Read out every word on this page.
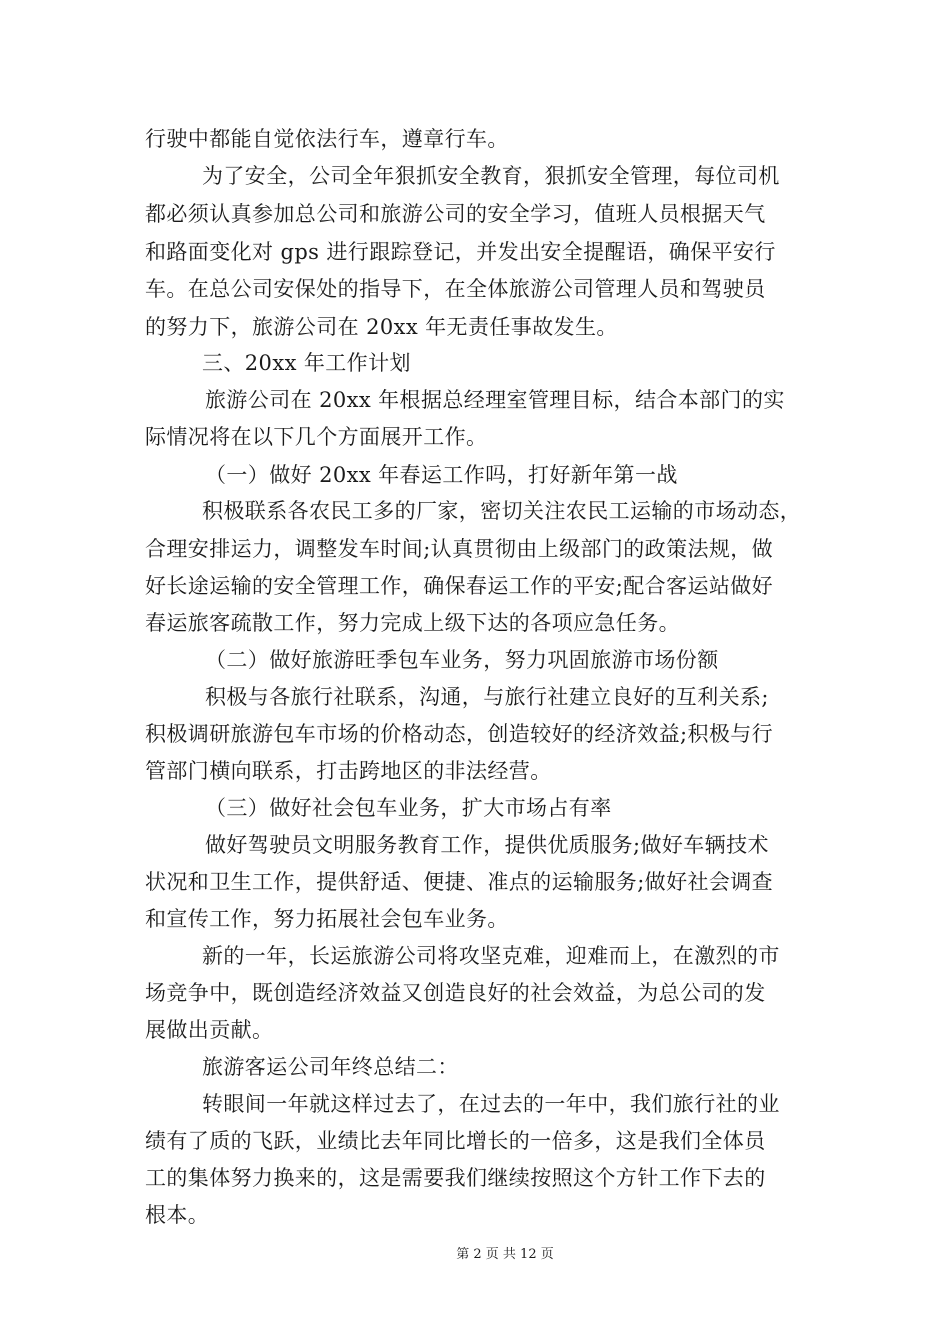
行驶中都能自觉依法行车，遵章行车。
为了安全，公司全年狠抓安全教育，狠抓安全管理，每位司机
都必须认真参加总公司和旅游公司的安全学习，值班人员根据天气
和路面变化对 gps 进行跟踪登记，并发出安全提醒语，确保平安行
车。在总公司安保处的指导下，在全体旅游公司管理人员和驾驶员
的努力下，旅游公司在 20xx 年无责任事故发生。
三、20xx 年工作计划
旅游公司在 20xx 年根据总经理室管理目标，结合本部门的实
际情况将在以下几个方面展开工作。
（一）做好 20xx 年春运工作吗，打好新年第一战
积极联系各农民工多的厂家，密切关注农民工运输的市场动态，
合理安排运力，调整发车时间;认真贯彻由上级部门的政策法规，做
好长途运输的安全管理工作，确保春运工作的平安;配合客运站做好
春运旅客疏散工作，努力完成上级下达的各项应急任务。
（二）做好旅游旺季包车业务，努力巩固旅游市场份额
积极与各旅行社联系，沟通，与旅行社建立良好的互利关系;
积极调研旅游包车市场的价格动态，创造较好的经济效益;积极与行
管部门横向联系，打击跨地区的非法经营。
（三）做好社会包车业务，扩大市场占有率
做好驾驶员文明服务教育工作，提供优质服务;做好车辆技术
状况和卫生工作，提供舒适、便捷、准点的运输服务;做好社会调查
和宣传工作，努力拓展社会包车业务。
新的一年，长运旅游公司将攻坚克难，迎难而上，在激烈的市
场竞争中，既创造经济效益又创造良好的社会效益，为总公司的发
展做出贡献。
旅游客运公司年终总结二：
转眼间一年就这样过去了，在过去的一年中，我们旅行社的业
绩有了质的飞跃，业绩比去年同比增长的一倍多，这是我们全体员
工的集体努力换来的，这是需要我们继续按照这个方针工作下去的
根本。
第 2 页 共 12 页
